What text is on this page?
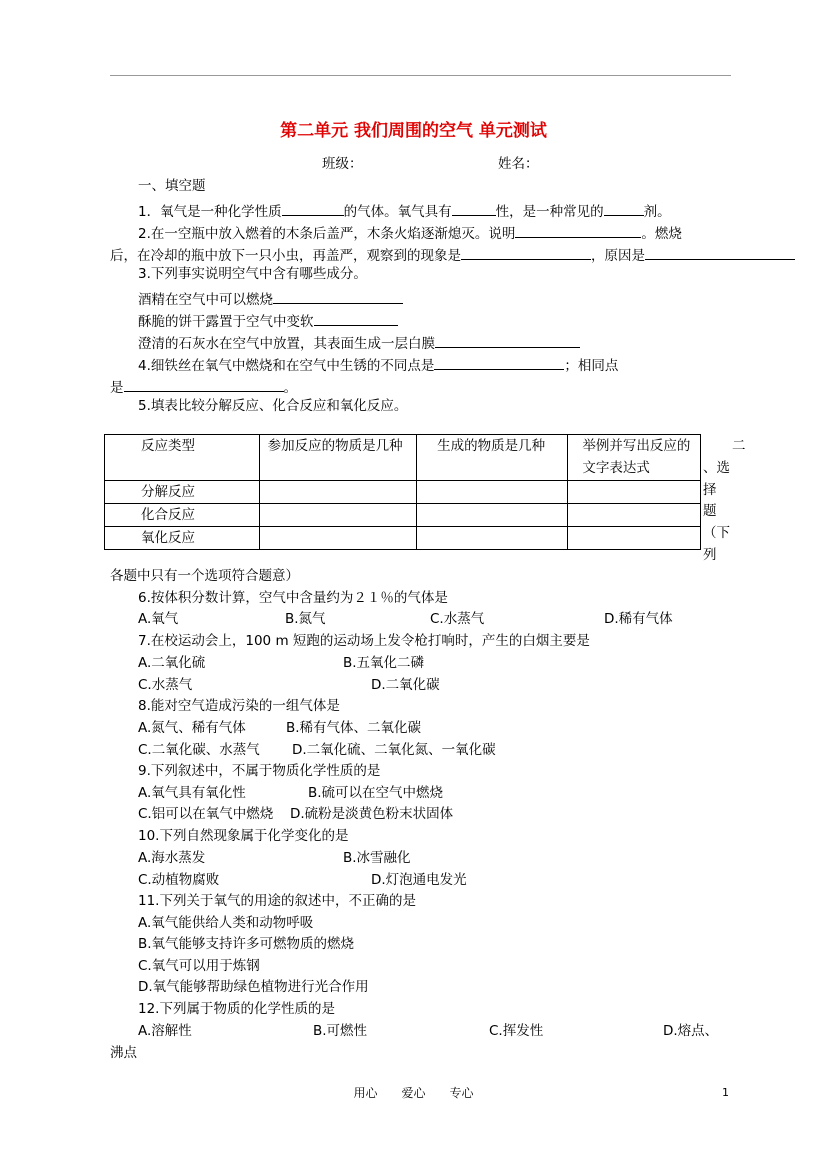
第二单元 我们周围的空气 单元测试
班级：	姓名：
一、填空题
1．氧气是一种化学性质	的气体。氧气具有	性，是一种常见的	剂。
2.在一空瓶中放入燃着的木条后盖严，木条火焰逐渐熄灭。说明	。燃烧
后，在冷却的瓶中放下一只小虫，再盖严，观察到的现象是	，原因是
3.下列事实说明空气中含有哪些成分。
酒精在空气中可以燃烧
酥脆的饼干露置于空气中变软
澄清的石灰水在空气中放置，其表面生成一层白膜
4.细铁丝在氧气中燃烧和在空气中生锈的不同点是	；相同点
是	。
5.填表比较分解反应、化合反应和氧化反应。
反应类型	参加反应的物质是几种	生成的物质是几种	举例并写出反应的文字表达式
分解反应			
化合反应			
氧化反应			
二
、选
择
题
（下
列
各题中只有一个选项符合题意）
6.按体积分数计算，空气中含量约为２１％的气体是
A.氧气	B.氮气	C.水蒸气	D.稀有气体
7.在校运动会上，100 m 短跑的运动场上发令枪打响时，产生的白烟主要是
A.二氧化硫	B.五氧化二磷
C.水蒸气	D.二氧化碳
8.能对空气造成污染的一组气体是
A.氮气、稀有气体	B.稀有气体、二氧化碳
C.二氧化碳、水蒸气 D.二氧化硫、二氧化氮、一氧化碳
9.下列叙述中，不属于物质化学性质的是
A.氧气具有氧化性	B.硫可以在空气中燃烧
C.铝可以在氧气中燃烧 D.硫粉是淡黄色粉末状固体
10.下列自然现象属于化学变化的是
A.海水蒸发	B.冰雪融化
C.动植物腐败	D.灯泡通电发光
11.下列关于氧气的用途的叙述中，不正确的是
A.氧气能供给人类和动物呼吸
B.氧气能够支持许多可燃物质的燃烧
C.氧气可以用于炼钢
D.氧气能够帮助绿色植物进行光合作用
12.下列属于物质的化学性质的是
A.溶解性	B.可燃性	C.挥发性	D.熔点、
沸点
用心　　爱心　　专心	1
